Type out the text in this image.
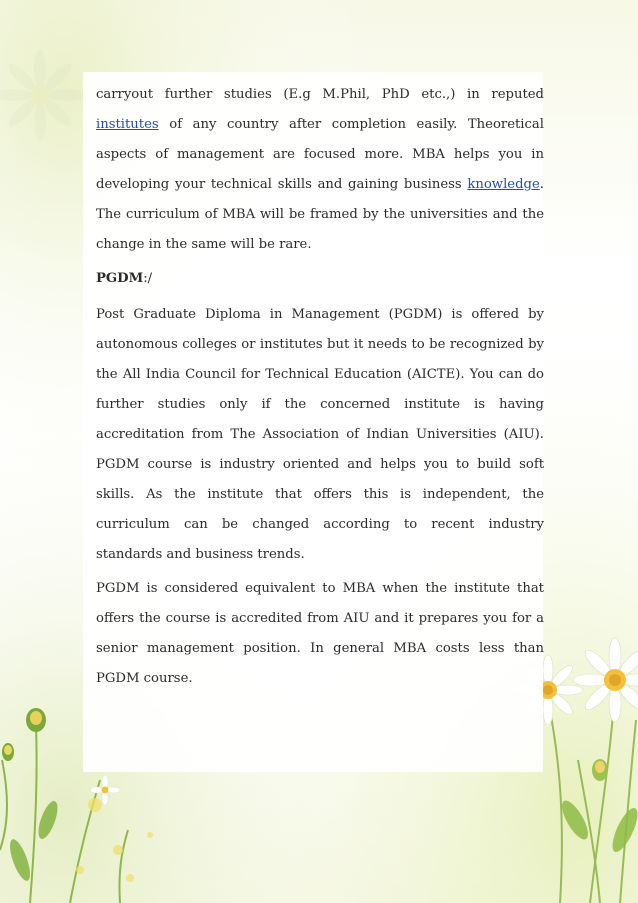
carryout further studies (E.g M.Phil, PhD etc.,) in reputed institutes of any country after completion easily. Theoretical aspects of management are focused more. MBA helps you in developing your technical skills and gaining business knowledge. The curriculum of MBA will be framed by the universities and the change in the same will be rare.

PGDM:/

Post Graduate Diploma in Management (PGDM) is offered by autonomous colleges or institutes but it needs to be recognized by the All India Council for Technical Education (AICTE). You can do further studies only if the concerned institute is having accreditation from The Association of Indian Universities (AIU). PGDM course is industry oriented and helps you to build soft skills. As the institute that offers this is independent, the curriculum can be changed according to recent industry standards and business trends.

PGDM is considered equivalent to MBA when the institute that offers the course is accredited from AIU and it prepares you for a senior management position. In general MBA costs less than PGDM course.
